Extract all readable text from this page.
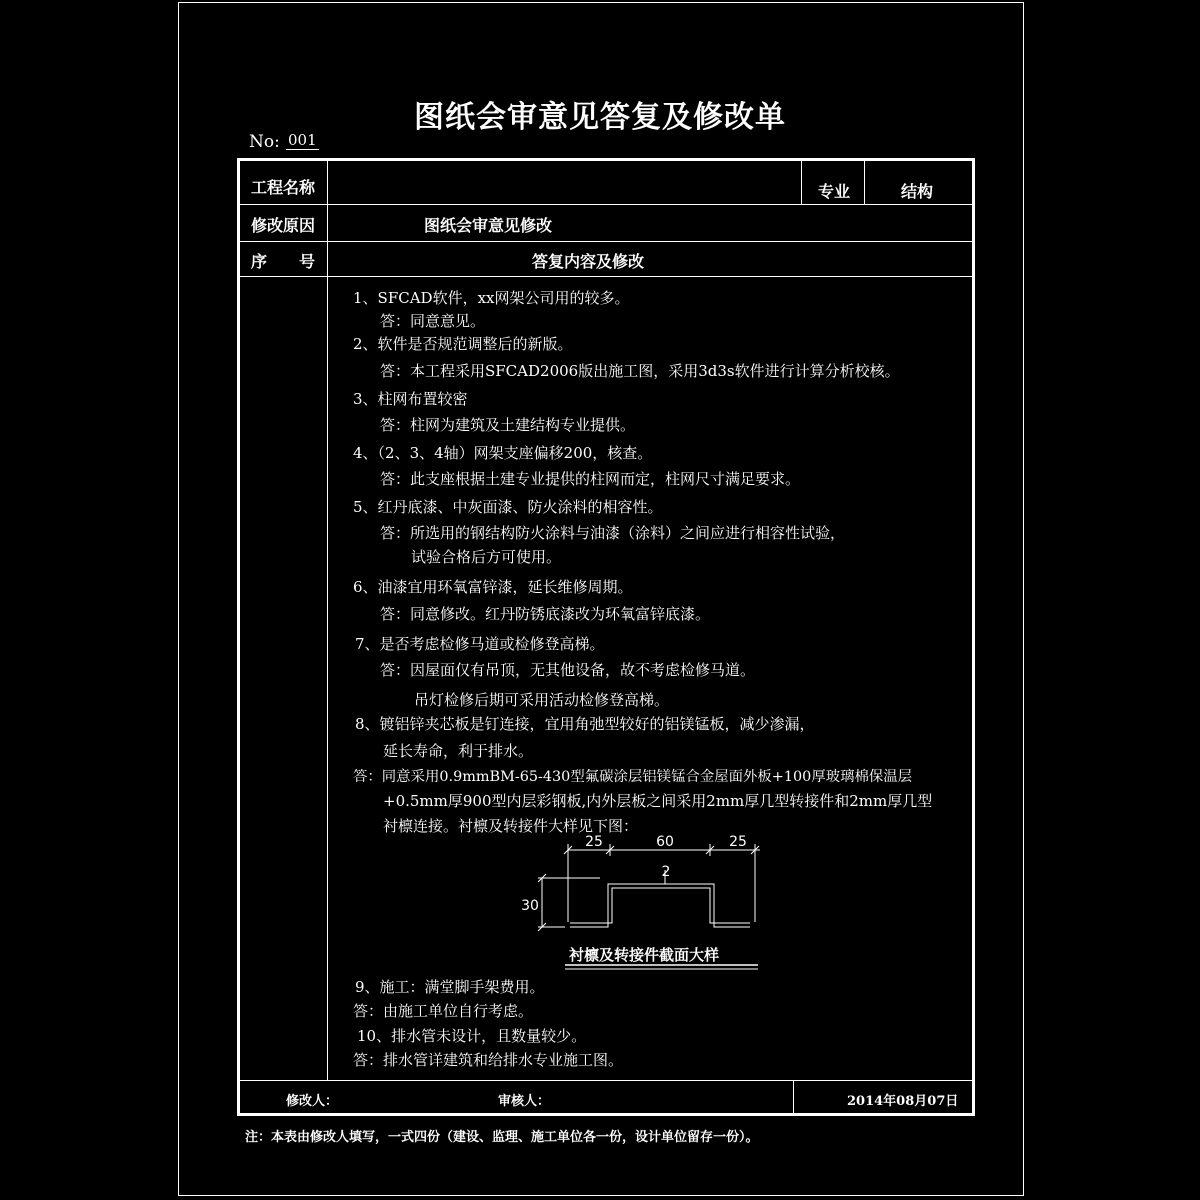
图纸会审意见答复及修改单
No: 001
工程名称	专业	结构
修改原因	图纸会审意见修改
序　　号	答复内容及修改
修改人：	审核人：	2014年08月07日
1、SFCAD软件，xx网架公司用的较多。
答：同意意见。
2、软件是否规范调整后的新版。
答：本工程采用SFCAD2006版出施工图，采用3d3s软件进行计算分析校核。
3、柱网布置较密
答：柱网为建筑及土建结构专业提供。
4、（2、3、4轴）网架支座偏移200，核查。
答：此支座根据土建专业提供的柱网而定，柱网尺寸满足要求。
5、红丹底漆、中灰面漆、防火涂料的相容性。
答：所选用的钢结构防火涂料与油漆（涂料）之间应进行相容性试验，
试验合格后方可使用。
6、油漆宜用环氧富锌漆，延长维修周期。
答：同意修改。红丹防锈底漆改为环氧富锌底漆。
7、是否考虑检修马道或检修登高梯。
答：因屋面仅有吊顶，无其他设备，故不考虑检修马道。
吊灯检修后期可采用活动检修登高梯。
8、镀铝锌夹芯板是钉连接，宜用角弛型较好的铝镁锰板，减少渗漏，
延长寿命，利于排水。
答：同意采用0.9mmBM-65-430型氟碳涂层铝镁锰合金屋面外板+100厚玻璃棉保温层
+0.5mm厚900型内层彩钢板,内外层板之间采用2mm厚几型转接件和2mm厚几型
衬檩连接。衬檩及转接件大样见下图：
9、施工：满堂脚手架费用。
答：由施工单位自行考虑。
10、排水管未设计，且数量较少。
答：排水管详建筑和给排水专业施工图。
25	60	25
2
30
衬檩及转接件截面大样
注：本表由修改人填写，一式四份（建设、监理、施工单位各一份，设计单位留存一份）。
